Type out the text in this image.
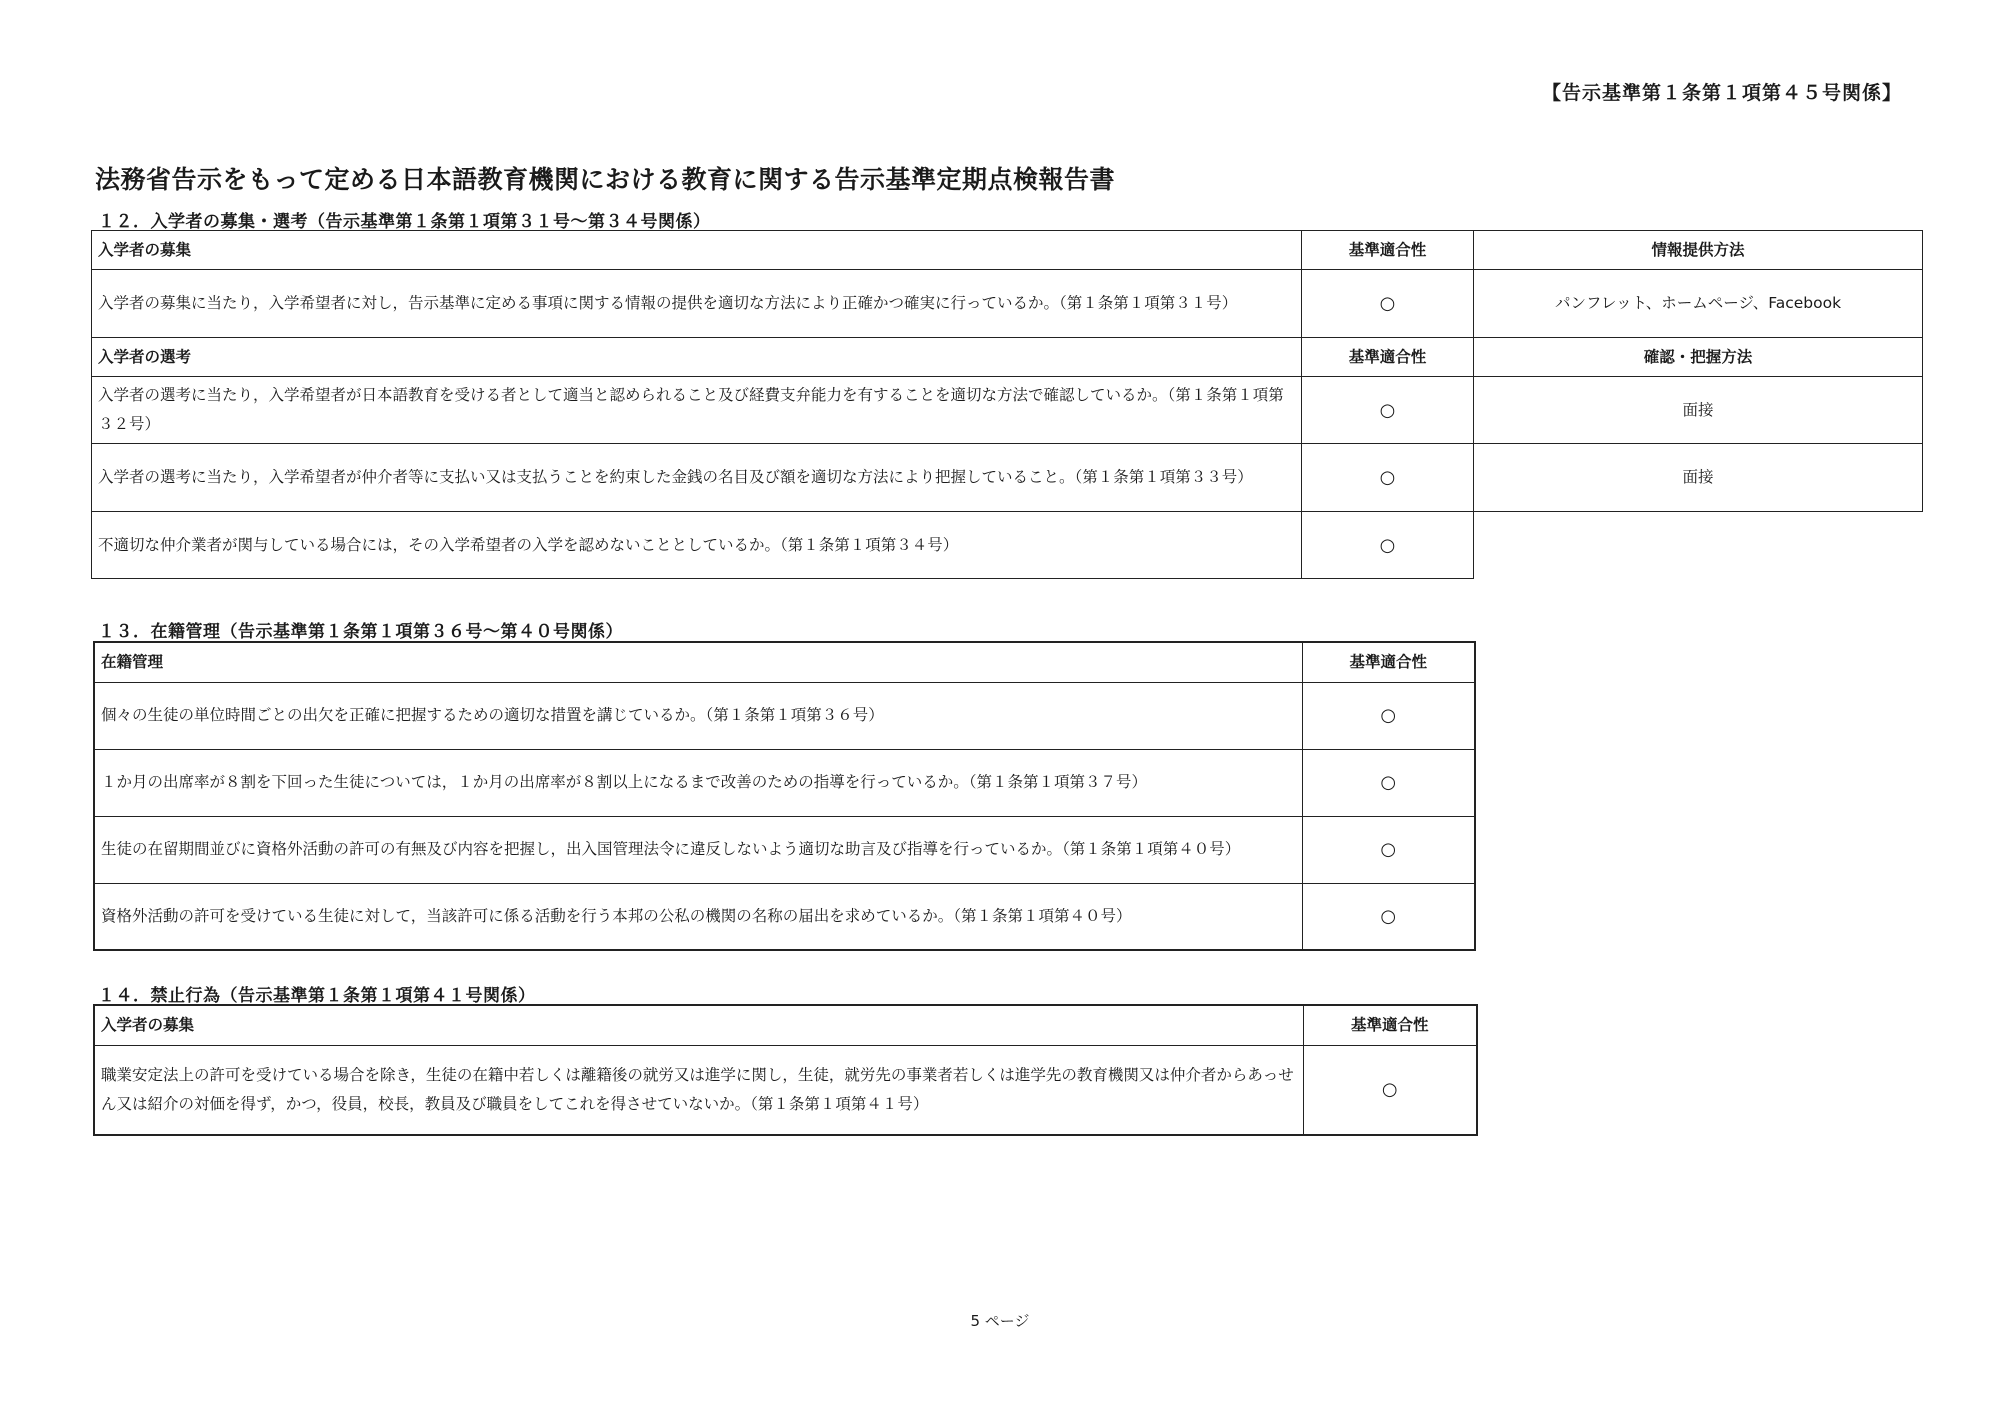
【告示基準第１条第１項第４５号関係】
法務省告示をもって定める日本語教育機関における教育に関する告示基準定期点検報告書
１２．入学者の募集・選考（告示基準第１条第１項第３１号～第３４号関係）
入学者の募集	基準適合性	情報提供方法
入学者の募集に当たり，入学希望者に対し，告示基準に定める事項に関する情報の提供を適切な方法により正確かつ確実に行っているか。（第１条第１項第３１号）	○	パンフレット、ホームページ、Facebook
入学者の選考	基準適合性	確認・把握方法
入学者の選考に当たり，入学希望者が日本語教育を受ける者として適当と認められること及び経費支弁能力を有することを適切な方法で確認しているか。（第１条第１項第３２号）	○	面接
入学者の選考に当たり，入学希望者が仲介者等に支払い又は支払うことを約束した金銭の名目及び額を適切な方法により把握していること。（第１条第１項第３３号）	○	面接
不適切な仲介業者が関与している場合には，その入学希望者の入学を認めないこととしているか。（第１条第１項第３４号）	○	
１３．在籍管理（告示基準第１条第１項第３６号～第４０号関係）
在籍管理	基準適合性
個々の生徒の単位時間ごとの出欠を正確に把握するための適切な措置を講じているか。（第１条第１項第３６号）	○
１か月の出席率が８割を下回った生徒については，１か月の出席率が８割以上になるまで改善のための指導を行っているか。（第１条第１項第３７号）	○
生徒の在留期間並びに資格外活動の許可の有無及び内容を把握し，出入国管理法令に違反しないよう適切な助言及び指導を行っているか。（第１条第１項第４０号）	○
資格外活動の許可を受けている生徒に対して，当該許可に係る活動を行う本邦の公私の機関の名称の届出を求めているか。（第１条第１項第４０号）	○
１４．禁止行為（告示基準第１条第１項第４１号関係）
入学者の募集	基準適合性
職業安定法上の許可を受けている場合を除き，生徒の在籍中若しくは離籍後の就労又は進学に関し，生徒，就労先の事業者若しくは進学先の教育機関又は仲介者からあっせん又は紹介の対価を得ず，かつ，役員，校長，教員及び職員をしてこれを得させていないか。（第１条第１項第４１号）	○
5 ページ
